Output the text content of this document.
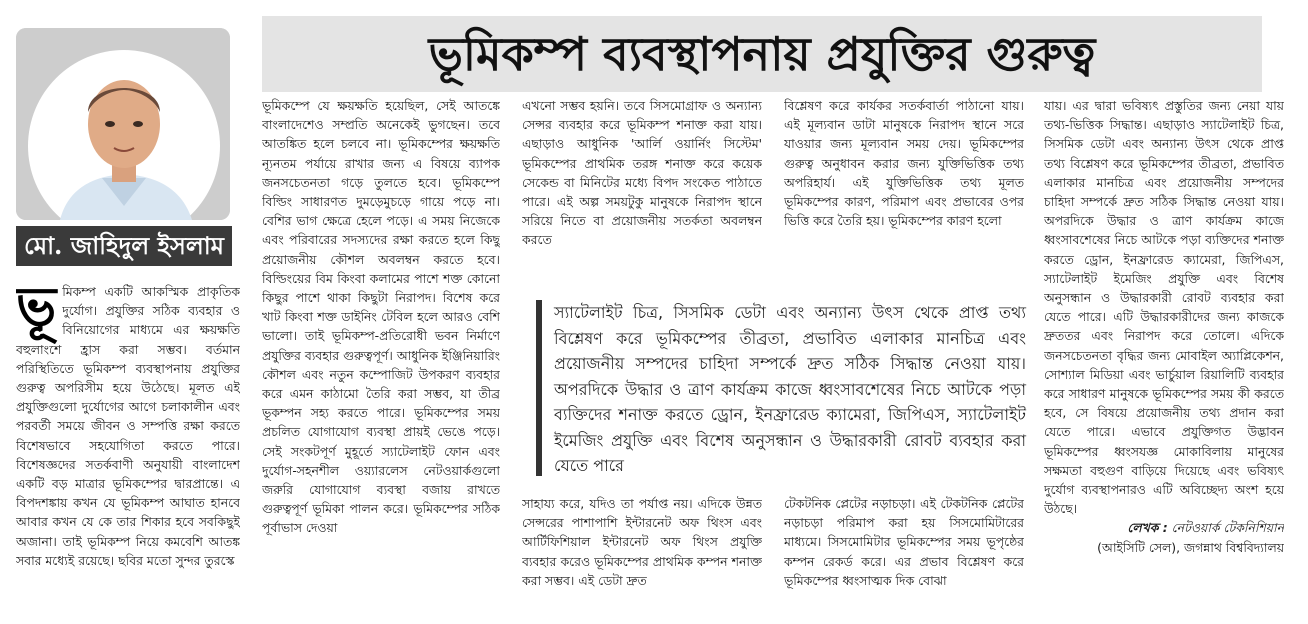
ভূমিকম্প ব্যবস্থাপনায় প্রযুক্তির গুরুত্ব
মো. জাহিদুল ইসলাম
ভূ মিকম্প একটি আকস্মিক প্রাকৃতিক দুর্যোগ। প্রযুক্তির সঠিক ব্যবহার ও বিনিয়োগের মাধ্যমে এর ক্ষয়ক্ষতি বহুলাংশে হ্রাস করা সম্ভব। বর্তমান পরিস্থিতিতে ভূমিকম্প ব্যবস্থাপনায় প্রযুক্তির গুরুত্ব অপরিসীম হয়ে উঠেছে। মূলত এই প্রযুক্তিগুলো দুর্যোগের আগে চলাকালীন এবং পরবর্তী সময়ে জীবন ও সম্পত্তি রক্ষা করতে বিশেষভাবে সহযোগিতা করতে পারে। বিশেষজ্ঞদের সতর্কবাণী অনুযায়ী বাংলাদেশ একটি বড় মাত্রার ভূমিকম্পের দ্বারপ্রান্তে। এ বিপদশঙ্কায় কখন যে ভূমিকম্প আঘাত হানবে আবার কখন যে কে তার শিকার হবে সবকিছুই অজানা। তাই ভূমিকম্প নিয়ে কমবেশি আতঙ্ক সবার মধ্যেই রয়েছে। ছবির মতো সুন্দর তুরস্কে

ভূমিকম্পে যে ক্ষয়ক্ষতি হয়েছিল, সেই আতঙ্কে বাংলাদেশেও সম্প্রতি অনেকেই ভুগছেন। তবে আতঙ্কিত হলে চলবে না। ভূমিকম্পের ক্ষয়ক্ষতি ন্যূনতম পর্যায়ে রাখার জন্য এ বিষয়ে ব্যাপক জনসচেতনতা গড়ে তুলতে হবে। ভূমিকম্পে বিল্ডিং সাধারণত দুমড়েমুচড়ে গায়ে পড়ে না। বেশির ভাগ ক্ষেত্রে হেলে পড়ে। এ সময় নিজেকে এবং পরিবারের সদস্যদের রক্ষা করতে হলে কিছু প্রয়োজনীয় কৌশল অবলম্বন করতে হবে। বিল্ডিংয়ের বিম কিংবা কলামের পাশে শক্ত কোনো কিছুর পাশে থাকা কিছুটা নিরাপদ। বিশেষ করে খাট কিংবা শক্ত ডাইনিং টেবিল হলে আরও বেশি ভালো। তাই ভূমিকম্প-প্রতিরোধী ভবন নির্মাণে প্রযুক্তির ব্যবহার গুরুত্বপূর্ণ। আধুনিক ইঞ্জিনিয়ারিং কৌশল এবং নতুন কম্পোজিট উপকরণ ব্যবহার করে এমন কাঠামো তৈরি করা সম্ভব, যা তীব্র ভূকম্পন সহ্য করতে পারে। ভূমিকম্পের সময় প্রচলিত যোগাযোগ ব্যবস্থা প্রায়ই ভেঙে পড়ে। সেই সংকটপূর্ণ মুহূর্তে স্যাটেলাইট ফোন এবং দুর্যোগ-সহনশীল ওয়্যারলেস নেটওয়ার্কগুলো জরুরি যোগাযোগ ব্যবস্থা বজায় রাখতে গুরুত্বপূর্ণ ভূমিকা পালন করে। ভূমিকম্পের সঠিক পূর্বাভাস দেওয়া

এখনো সম্ভব হয়নি। তবে সিসমোগ্রাফ ও অন্যান্য সেন্সর ব্যবহার করে ভূমিকম্প শনাক্ত করা যায়। এছাড়াও আধুনিক 'আর্লি ওয়ার্নিং সিস্টেম' ভূমিকম্পের প্রাথমিক তরঙ্গ শনাক্ত করে কয়েক সেকেন্ড বা মিনিটের মধ্যে বিপদ সংকেত পাঠাতে পারে। এই অল্প সময়টুকু মানুষকে নিরাপদ স্থানে সরিয়ে নিতে বা প্রয়োজনীয় সতর্কতা অবলম্বন করতে

বিশ্লেষণ করে কার্যকর সতর্কবার্তা পাঠানো যায়। এই মূল্যবান ডাটা মানুষকে নিরাপদ স্থানে সরে যাওয়ার জন্য মূল্যবান সময় দেয়। ভূমিকম্পের গুরুত্ব অনুধাবন করার জন্য যুক্তিভিত্তিক তথ্য অপরিহার্য। এই যুক্তিভিত্তিক তথ্য মূলত ভূমিকম্পের কারণ, পরিমাপ এবং প্রভাবের ওপর ভিত্তি করে তৈরি হয়। ভূমিকম্পের কারণ হলো

স্যাটেলাইট চিত্র, সিসমিক ডেটা এবং অন্যান্য উৎস থেকে প্রাপ্ত তথ্য বিশ্লেষণ করে ভূমিকম্পের তীব্রতা, প্রভাবিত এলাকার মানচিত্র এবং প্রয়োজনীয় সম্পদের চাহিদা সম্পর্কে দ্রুত সঠিক সিদ্ধান্ত নেওয়া যায়। অপরদিকে উদ্ধার ও ত্রাণ কার্যক্রম কাজে ধ্বংসাবশেষের নিচে আটকে পড়া ব্যক্তিদের শনাক্ত করতে ড্রোন, ইনফ্রারেড ক্যামেরা, জিপিএস, স্যাটেলাইট ইমেজিং প্রযুক্তি এবং বিশেষ অনুসন্ধান ও উদ্ধারকারী রোবট ব্যবহার করা যেতে পারে

সাহায্য করে, যদিও তা পর্যাপ্ত নয়। এদিকে উন্নত সেন্সরের পাশাপাশি ইন্টারনেট অফ থিংস এবং আর্টিফিশিয়াল ইন্টারনেট অফ থিংস প্রযুক্তি ব্যবহার করেও ভূমিকম্পের প্রাথমিক কম্পন শনাক্ত করা সম্ভব। এই ডেটা দ্রুত

টেকটনিক প্লেটের নড়াচড়া। এই টেকটনিক প্লেটের নড়াচড়া পরিমাপ করা হয় সিসমোমিটারের মাধ্যমে। সিসমোমিটার ভূমিকম্পের সময় ভূপৃষ্ঠের কম্পন রেকর্ড করে। এর প্রভাব বিশ্লেষণ করে ভূমিকম্পের ধ্বংসাত্মক দিক বোঝা

যায়। এর দ্বারা ভবিষ্যৎ প্রস্তুতির জন্য নেয়া যায় তথ্য-ভিত্তিক সিদ্ধান্ত। এছাড়াও স্যাটেলাইট চিত্র, সিসমিক ডেটা এবং অন্যান্য উৎস থেকে প্রাপ্ত তথ্য বিশ্লেষণ করে ভূমিকম্পের তীব্রতা, প্রভাবিত এলাকার মানচিত্র এবং প্রয়োজনীয় সম্পদের চাহিদা সম্পর্কে দ্রুত সঠিক সিদ্ধান্ত নেওয়া যায়। অপরদিকে উদ্ধার ও ত্রাণ কার্যক্রম কাজে ধ্বংসাবশেষের নিচে আটকে পড়া ব্যক্তিদের শনাক্ত করতে ড্রোন, ইনফ্রারেড ক্যামেরা, জিপিএস, স্যাটেলাইট ইমেজিং প্রযুক্তি এবং বিশেষ অনুসন্ধান ও উদ্ধারকারী রোবট ব্যবহার করা যেতে পারে। এটি উদ্ধারকারীদের জন্য কাজকে দ্রুততর এবং নিরাপদ করে তোলে। এদিকে জনসচেতনতা বৃদ্ধির জন্য মোবাইল অ্যাপ্লিকেশন, সোশ্যাল মিডিয়া এবং ভার্চুয়াল রিয়ালিটি ব্যবহার করে সাধারণ মানুষকে ভূমিকম্পের সময় কী করতে হবে, সে বিষয়ে প্রয়োজনীয় তথ্য প্রদান করা যেতে পারে। এভাবে প্রযুক্তিগত উদ্ভাবন ভূমিকম্পের ধ্বংসযজ্ঞ মোকাবিলায় মানুষের সক্ষমতা বহুগুণ বাড়িয়ে দিয়েছে এবং ভবিষ্যৎ দুর্যোগ ব্যবস্থাপনারও এটি অবিচ্ছেদ্য অংশ হয়ে উঠছে।

লেখক : নেটওয়ার্ক টেকনিশিয়ান

(আইসিটি সেল), জগন্নাথ বিশ্ববিদ্যালয়
